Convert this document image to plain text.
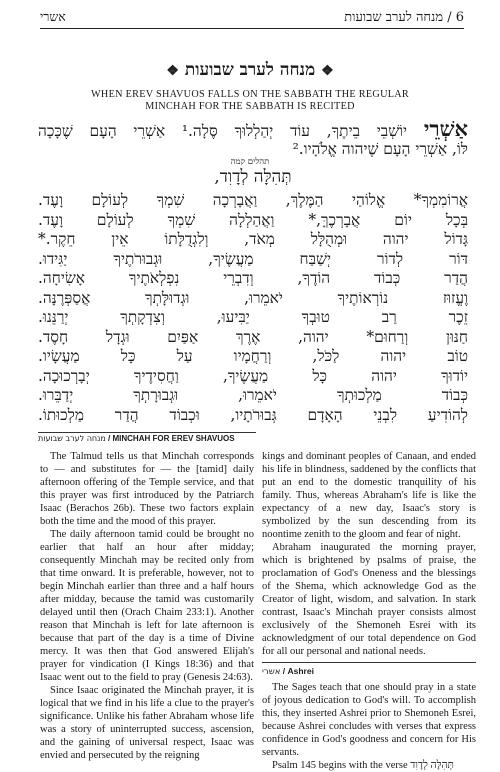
6 / מנחה לערב שבועות
אשרי
❖ מנחה לערב שבועות ❖
WHEN EREV SHAVUOS FALLS ON THE SABBATH THE REGULAR
MINCHAH FOR THE SABBATH IS RECITED
אַשְׁרֵי יוֹשְׁבֵי בֵיתֶךָ, עוֹד יְהַלְלוּךָ סֶּלָה.¹ אַשְׁרֵי הָעָם שֶׁכָּכָה
לּוֹ, אַשְׁרֵי הָעָם שֶׁיהוה אֱלֹהָיו.²
תהלים קמה
תְּהִלָּה לְדָוִד,
אֲרוֹמִמְךָ* אֱלוֹהַי הַמֶּלֶךְ, וַאֲבָרְכָה שִׁמְךָ לְעוֹלָם וָעֶד.
בְּכָל יוֹם אֲבָרְכֶךָּ,* וַאֲהַלְלָה שִׁמְךָ לְעוֹלָם וָעֶד.
גָּדוֹל יהוה וּמְהֻלָּל מְאֹד, וְלִגְדֻלָּתוֹ אֵין חֵקֶר.*
דּוֹר לְדוֹר יְשַׁבַּח מַעֲשֶׂיךָ, וּגְבוּרֹתֶיךָ יַגִּידוּ.
הֲדַר כְּבוֹד הוֹדֶךָ, וְדִבְרֵי נִפְלְאֹתֶיךָ אָשִׂיחָה.
וֶעֱזוּז נוֹרְאוֹתֶיךָ יֹאמֵרוּ, וּגְדוּלָּתְךָ אֲסַפְּרֶנָּה.
זֵכֶר רַב טוּבְךָ יַבִּיעוּ, וְצִדְקָתְךָ יְרַנֵּנוּ.
חַנּוּן וְרַחוּם* יהוה, אֶרֶךְ אַפַּיִם וּגְדָל חָסֶד.
טוֹב יהוה לַכֹּל, וְרַחֲמָיו עַל כָּל מַעֲשָׂיו.
יוֹדוּךָ יהוה כָּל מַעֲשֶׂיךָ, וַחֲסִידֶיךָ יְבָרְכוּכָה.
כְּבוֹד מַלְכוּתְךָ יֹאמֵרוּ, וּגְבוּרָתְךָ יְדַבֵּרוּ.
לְהוֹדִיעַ לִבְנֵי הָאָדָם גְּבוּרֹתָיו, וּכְבוֹד הֲדַר מַלְכוּתוֹ.
מנחה לערב שבועות / MINCHAH FOR EREV SHAVUOS

The Talmud tells us that Minchah corresponds to — and substitutes for — the [tamid] daily afternoon offering of the Temple service, and that this prayer was first introduced by the Patriarch Isaac (Berachos 26b). These two factors explain both the time and the mood of this prayer.

The daily afternoon tamid could be brought no earlier that half an hour after midday; consequently Minchah may be recited only from that time onward. It is preferable, however, not to begin Minchah earlier than three and a half hours after midday, because the tamid was customarily delayed until then (Orach Chaim 233:1). Another reason that Minchah is left for late afternoon is because that part of the day is a time of Divine mercy. It was then that God answered Elijah's prayer for vindication (I Kings 18:36) and that Isaac went out to the field to pray (Genesis 24:63).

Since Isaac originated the Minchah prayer, it is logical that we find in his life a clue to the prayer's significance. Unlike his father Abraham whose life was a story of uninterrupted success, ascension, and the gaining of universal respect, Isaac was envied and persecuted by the reigning

kings and dominant peoples of Canaan, and ended his life in blindness, saddened by the conflicts that put an end to the domestic tranquility of his family. Thus, whereas Abraham's life is like the expectancy of a new day, Isaac's story is symbolized by the sun descending from its noontime zenith to the gloom and fear of night.

Abraham inaugurated the morning prayer, which is brightened by psalms of praise, the proclamation of God's Oneness and the blessings of the Shema, which acknowledge God as the Creator of light, wisdom, and salvation. In stark contrast, Isaac's Minchah prayer consists almost exclusively of the Shemoneh Esrei with its acknowledgment of our total dependence on God for all our personal and national needs.

אשרי / Ashrei

The Sages teach that one should pray in a state of joyous dedication to God's will. To accomplish this, they inserted Ashrei prior to Shemoneh Esrei, because Ashrei concludes with verses that express confidence in God's goodness and concern for His servants.

Psalm 145 begins with the verse תְּהִלָּה לְדָוִד
